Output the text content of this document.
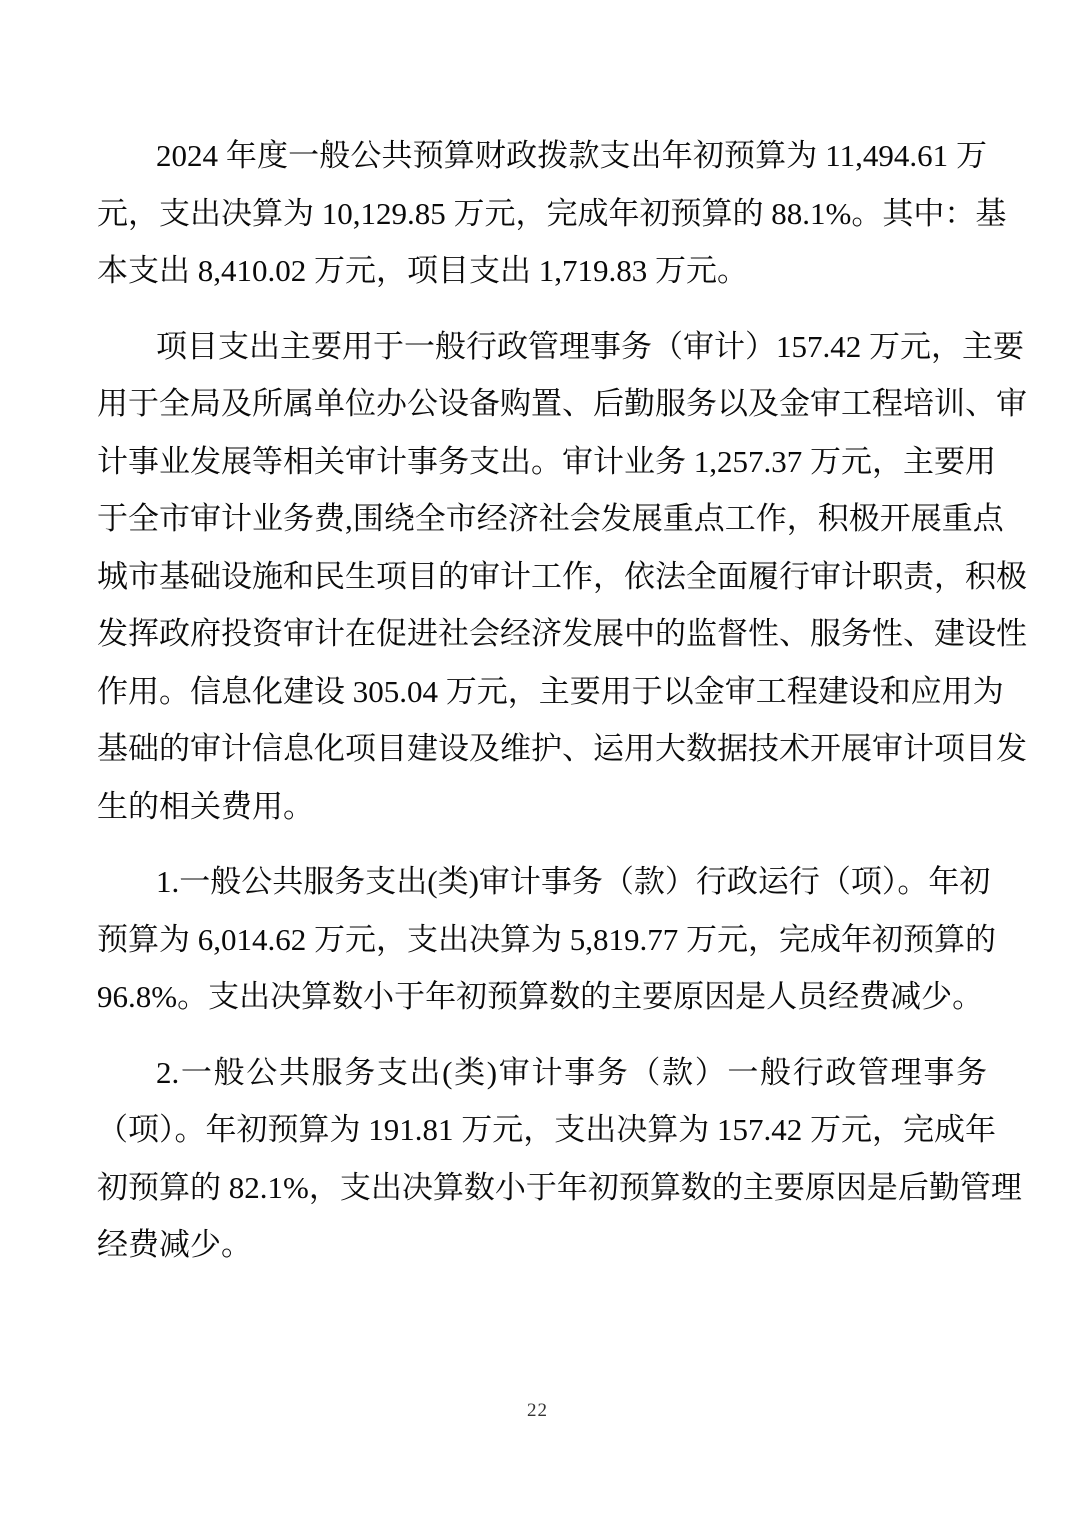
2024 年度一般公共预算财政拨款支出年初预算为 11,494.61 万
元，支出决算为 10,129.85 万元，完成年初预算的 88.1%。其中：基
本支出 8,410.02 万元，项目支出 1,719.83 万元。
项目支出主要用于一般行政管理事务（审计）157.42 万元，主要
用于全局及所属单位办公设备购置、后勤服务以及金审工程培训、审
计事业发展等相关审计事务支出。审计业务 1,257.37 万元，主要用
于全市审计业务费,围绕全市经济社会发展重点工作，积极开展重点
城市基础设施和民生项目的审计工作，依法全面履行审计职责，积极
发挥政府投资审计在促进社会经济发展中的监督性、服务性、建设性
作用。信息化建设 305.04 万元，主要用于以金审工程建设和应用为
基础的审计信息化项目建设及维护、运用大数据技术开展审计项目发
生的相关费用。
1.一般公共服务支出(类)审计事务（款）行政运行（项）。年初
预算为 6,014.62 万元，支出决算为 5,819.77 万元，完成年初预算的
96.8%。支出决算数小于年初预算数的主要原因是人员经费减少。
2.一般公共服务支出(类)审计事务（款）一般行政管理事务
（项）。年初预算为 191.81 万元，支出决算为 157.42 万元，完成年
初预算的 82.1%，支出决算数小于年初预算数的主要原因是后勤管理
经费减少。
22
